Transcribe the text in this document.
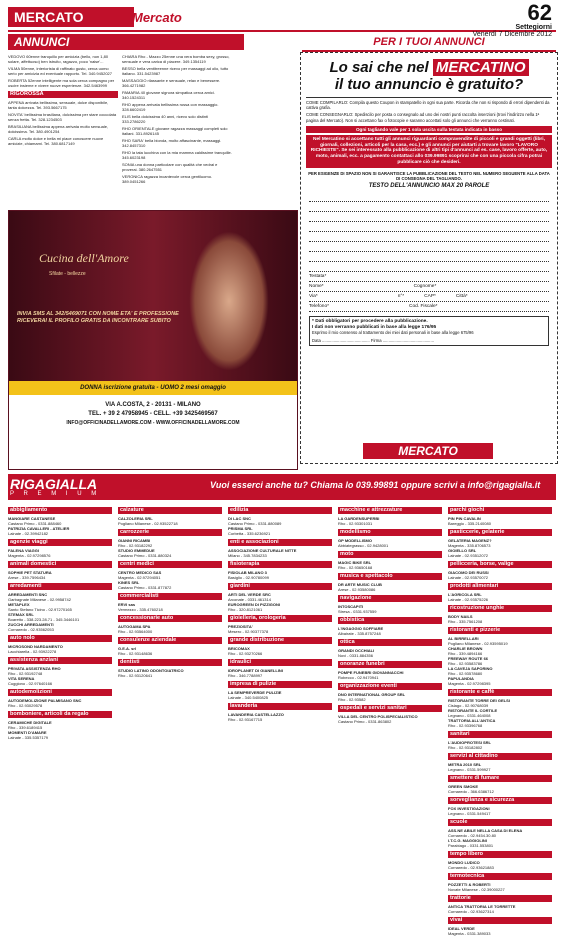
MERCATO	Mercato	62
Settegiorni
Venerdì 7 Dicembre 2012
ANNUNCI	PER I TUOI ANNUNCI

VEDOVO 60enne tranquillo per amicizia (bello, non 1,80 solare, affettuoso) ben istruito, ragazzo, poco 'naise'...

VILMA 50enne, interiorista di raffinato gusto, cerca uomo serio per amicizia ed eventuale rapporto. Tel. 340.9452027

ROBERTA 52enne intelligente ma sola cerca compagno per uscire insieme e vivere nuove esperienze. 342.5463999

RIGOROSSA

APPENA arrivata bellissima, sensuale, dolce disponibile, tanta dolcezza. Tel. 393.5667175

NOVITA' bellissima brasiliana, dolcissima per stare coccolata senza fretta. Tel. 328.1234503

BRASILIANA bellissima appena arrivata molto sensuale, dolcissima. Tel. 380.4901254

CARLA molto dolce e bella mi piace conoscere nuove amicizie, chiamami. Tel. 380.6817149

CHIARA Rho - Mazzo 25enne una vera bomba sexy, grosso, sensuale e vera carica di piacere. 349.1354119

BESSO bella ventitreenne ricevo per massaggi ad olio, tutto italiano. 331.5423987

MASSAGGIO rilassante e sensuale, relax e benessere. 366.4271982

PAMARIA 40 giovane signora simpatica cerca amici. 340.1524311

RHO appena arrivata bellissima russa con massaggio. 328.6602419

ELIS bella dolcissima 40 anni, ricevo solo distinti 333.2786220

RHO ORIENTALE giovane ragazza massaggi completi solo italiani. 331.8926145

RHO SARA' bella bionda, molto affascinante, massaggi. 342.8457310

RHO la tata lucchina con la mia mamma caldissime tranquille. 345.6023198

SONIA una donna particolare con qualità che vedrai e proverai. 380.2647551

VERONICA ragazza incantevole cerca gentiluomo. 389.0451266

Cucina dell'Amore
Sfilate - bellezze
INVIA SMS AL 342/5469071 CON NOME ETA' E PROFESSIONE RICEVERAI IL PROFILO GRATIS DA INCONTRARE SUBITO
DONNA iscrizione gratuita - UOMO 2 mesi omaggio
VIA A.COSTA, 2 - 20131 - MILANO
TEL. + 39 2 47958945 - CELL. +39 3425469567
INFO@OFFICINADELLAMORE.COM - WWW.OFFICINADELLAMORE.COM
Lo sai che nel MERCATINO
il tuo annuncio è gratuito?
COME COMPILARLO: Compila questo Coupon in stampatello in ogni sua parte. Ricorda che non si rispondo di errori dipendenti da cattiva grafia.
COME CONSEGNARLO: Spediscilo per posta o consegnalo ad uno dei nostri punti raccolta inserzioni (trovi l'indirizzo nella 1ª pagina del Mercato). Non si accettano fax o fotocopie e saranno accettati solo gli annunci che verranno cestinati.
Ogni tagliando vale per 1 sola uscita sulla testata indicata in basso
Nel Mercatino si accettano tutti gli annunci riguardanti compravendite di piccoli e grandi oggetti (libri, giornali, collezioni, articoli per la casa, ecc.) e gli annunci per aiutarti a trovare lavoro "LAVORO RICHIESTE". Se sei interessato alla pubblicazione di altri tipi d'annunci ad es. case, lavoro offerte, auto, moto, animali, ecc. a pagamento contattaci allo 039.99891 scoprirai che con una piccola cifra potrai pubblicare ciò che desideri.
PER ESIGENZE DI SPAZIO NON SI GARANTISCE LA PUBBLICAZIONE DEL TESTO NEL NUMERO SEGUENTE ALLA DATA DI CONSEGNA DEL TAGLIANDO.
TESTO DELL'ANNUNCIO MAX 20 PAROLE
Testata*
Nome*	Cognome*
Via*	n°*	CAP*	Città*
Telefono*	Cod. Fiscale*
* Dati obbligatori per procedere alla pubblicazione.
I dati non verranno pubblicati in base alla legge 176/95
Esprimo il mio consenso al trattamento dei miei dati personali in base alla legge 675/96
Data ......................................... Firma ............................................
MERCATO
RIGAGIALLA
P R E M I U M
Vuoi esserci anche tu? Chiama lo 039.99891 oppure scrivi a info@rigagialla.it
abbigliamento
MANGIARE CASTANESE
Castano Primo - 0331.888460
PATRIZIA CAVALLERI - ATELIER
Lainate - 02.39942182
agenzie viaggi
FALENA VIAGGI
Magenta - 02.97298576
animali domestici
SOPHIE PET STATURA
Arese - 339.7596434
arredamenti
ARREDAMENTI SNC
Garbagnate Milanese - 02.9958742
METAPLEX
Santo Stefano Ticino - 02.97270165
STEMAX SRL
Boaretto - 338.223.28.71 - 345.3446101
ZUCCHI ARREDAMENTI
Cornaredo - 02.93562053
auto nolo
MICROSOND NARDAMENTO
Lacchiarella - 02.93922278
assistenza anziani
PRIVATA ASSISTENZA RHO
Rho - 02.93192748
VITA SERENA
Cuggiono - 02.97640166
autodemolizioni
AUTODEMOLIZIONE PALMISANO SNC
Rho - 02.93029578
bomboniere, articoli da regalo
CERAMICHE DIGITALE
Rho - 339.6189415
MOMENTI D'AMARE
Lainate - 335.5357179
calzature
CALZOLERIA SRL
Pogliano Milanese - 02.93522718
carrozzerie
GIANNI RICAMBI
Rho - 02.93182292
STUDIO EMMEDUE
Castano Primo - 0331.880324
centri medici
CENTRO MEDICO SAS
Magenta - 02.97294051
KINES SRL
Castano Primo - 0331.877872
commercialisti
ERVI sas
Vermezzo - 335.4760218
concessionarie auto
AUTOGAMA SPA
Rho - 02.93564000
consulenze aziendale
G.E.A. srl
Rho - 02.93148636
dentisti
STUDIO LATINO ODONTOIATRICO
Rho - 02.93120641
edilizia
DI LAC SNC
Castano Primo - 0331.880089
PRISMA SRL
Corbetta - 335.6236921
enti e associazioni
ASSOCIAZIONE CULTURALE NITTE
Milano - 345.7834233
fisioterapia
FISIOLAB MILANO 3
Basiglio - 02.90780099
giardini
ARTI DEL VERDE SRC
Arconate - 0331.461314
EUROGREEN DI PIZZIGONI
Rho - 320.8121061
gioielleria, orologeria
PREZIOSITA'
Mesero - 02.90377378
grande distribuzione
BRICOMAX
Rho - 02.93270266
idraulici
IDROPLANET DI GIANELLINI
Rho - 346.7788997
impresa di pulizie
LA SEMPREVERDE PULIZIE
Lainate - 340.5400825
lavanderia
LAVANDERIA CASTELLAZZO
Rho - 02.93167715
macchine e attrezzature
LA GARDENSUPERBI
Rho - 02.93301031
modellismo
GP MODELLISMO
Abbiategrasso - 02.9428001
moto
MAGIC BIKE SRL
Rho - 02.93650168
musica e spettacolo
DR ARTE MUSIC CLUB
Arese - 02.93580086
navigazione
INTOSCAPITI
Stresa - 0331.937559
obbistica
L'INGAGGIO SOFFIARE
Albairate - 335.8757248
ottica
GRANDI OCCHIALI
Novi - 0331.884356
onoranze funebri
POMPE FUNEBRI GIOVANNACCHI
Robecco - 02.9470941
organizzazione eventi
DNO INTERNATIONAL GROUP SRL
Rho - 02.93582
ospedali e servizi sanitari
VILLA DEL CENTRO POLISPECIALISTICO
Castano Primo - 0331.863802
parchi giochi
PIN PIN CAVALIN
Bareggio - 335.2140080
pasticcerie, gelaterie
GELATERIA MAGENZ?
Magenta - 335.8706573
GIOIELLO SRL
Lainate - 02.93512072
pellicceria, borse, valige
GIACOMO DEI RUSSI
Lainate - 02.93570072
prodotti alimentari
L'AGRICOLA SRL
Lainate - 02.93575226
ricostruzione unghie
BODY NAILS
Rho - 335.7561208
ristoranti e pizzerie
AL BIRRELLARI
Pogliano Milanese - 02.93595019
CHARLIE BROWN
Rho - 339.4894166
FREEWAY ROUTE 66
Rho - 02.93583786
LA CAVEJA SAPORINO
Rho - 02.93578680
PAPULANDIA
Magenta - 02.97298395
ristorante e caffè
RISTORANTE TORRE DEI GELSI
Cislago - 02.90768039
RISTORANTE IL CORTILE
Legnano - 0331.464008
TRATTORIA ALL'ANTICA
Rho - 02.93396768
sanitari
L'AUDIOPROTESI SRL
Rho - 02.93182802
servizi al cittadino
METRA 2010 SRL
Legnano - 0331.599927
smettere di fumare
GREEN SMOKE
Cornaredo - 366.6386712
sorveglianza e sicurezza
FOX INVESTIGAZIONI
Legnano - 0331.549417
scuole
ASS.NE ABILE NELLA CASA DI ELENA
Cornaredo - 02.9454.30.80
I.T.C.G. MAGGIOLINI
Parabiago - 0331.553801
tempo libero
MONDO LUDICO
Cornaredo - 02.93621883
termotecnica
POZZETTI & ROBERTI
Novate Milanese - 02.39000227
trattorie
ANTICA TRATTORIA LE TORRETTE
Cornaredo - 02.93627314
vivai
IDEAL VERDE
Magenta - 0331.389033
